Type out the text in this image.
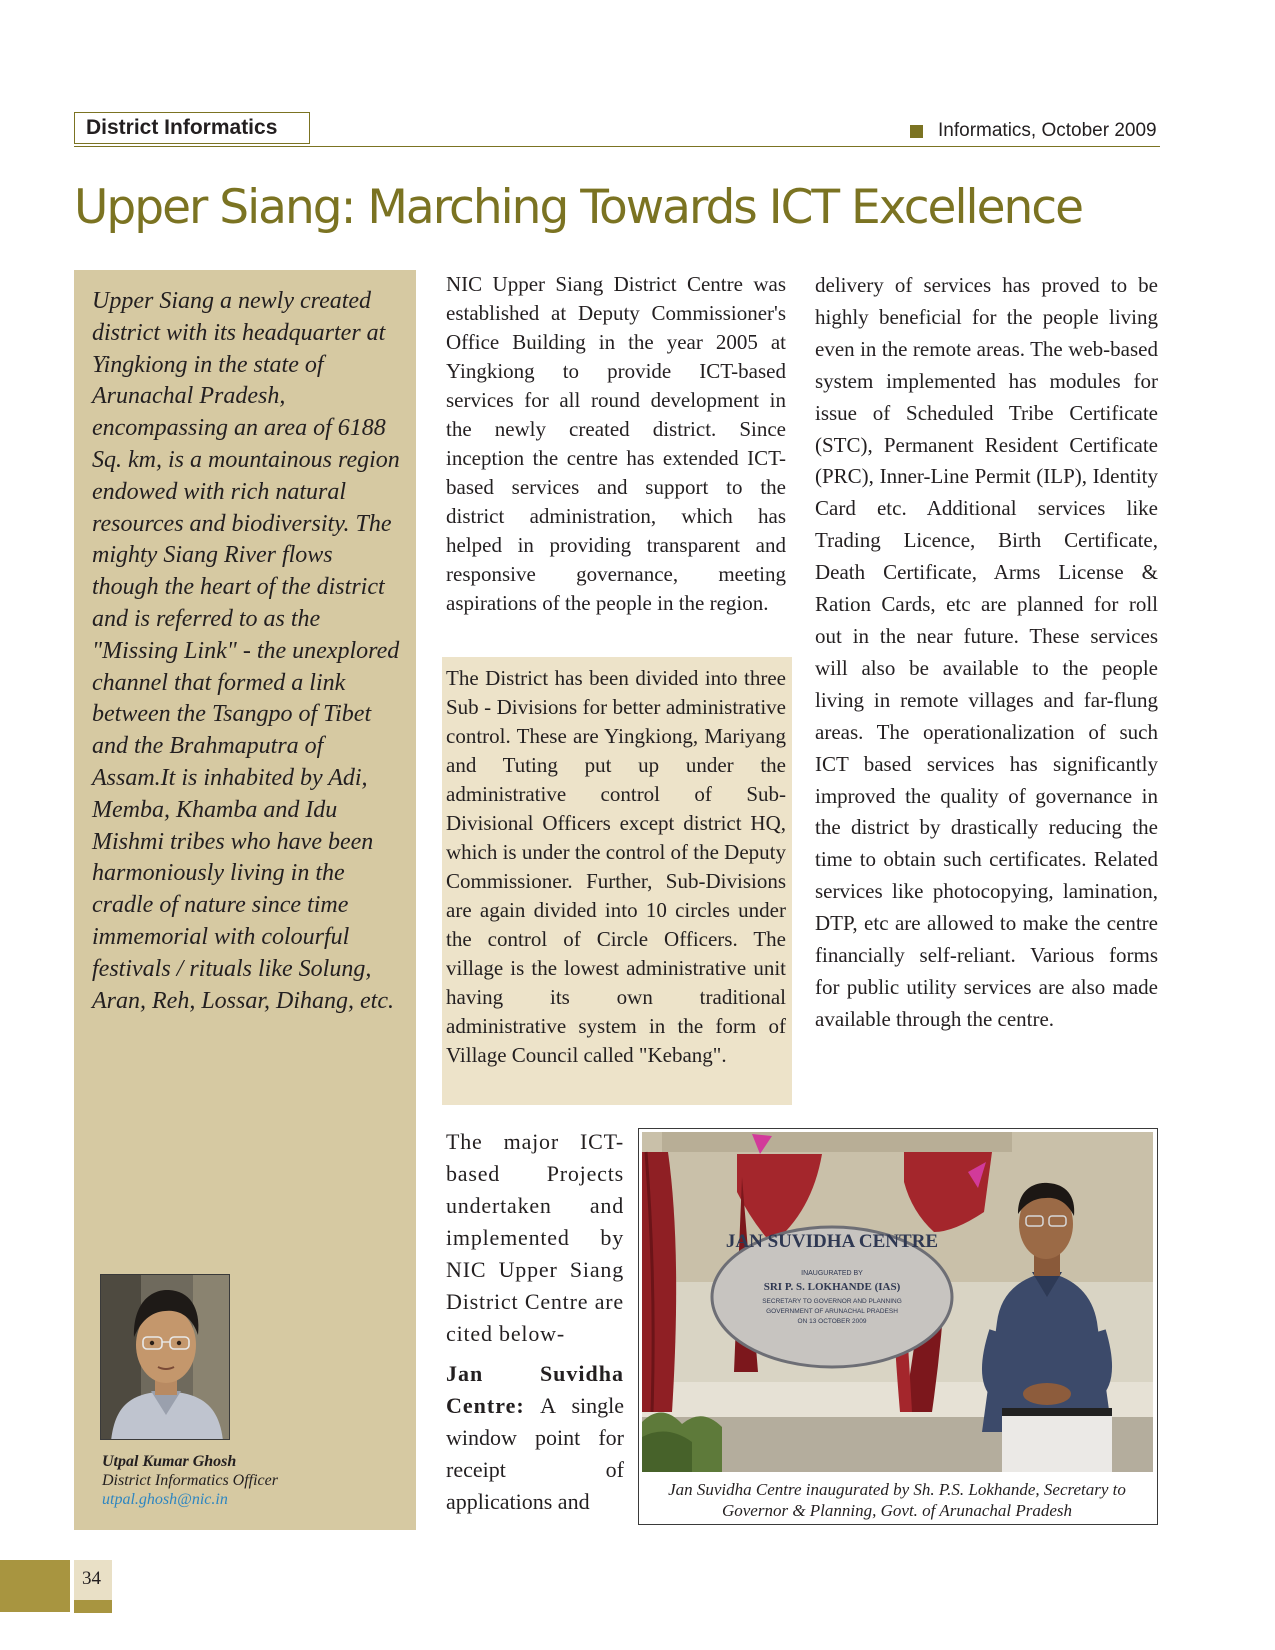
District Informatics	Informatics, October 2009
Upper Siang: Marching Towards ICT Excellence

Upper Siang a newly created district with its headquarter at Yingkiong in the state of Arunachal Pradesh, encompassing an area of 6188 Sq. km, is a mountainous region endowed with rich natural resources and biodiversity. The mighty Siang River flows though the heart of the district and is referred to as the "Missing Link" - the unexplored channel that formed a link between the Tsangpo of Tibet and the Brahmaputra of Assam.It is inhabited by Adi, Memba, Khamba and Idu Mishmi tribes who have been harmoniously living in the cradle of nature since time immemorial with colourful festivals / rituals like Solung, Aran, Reh, Lossar, Dihang, etc.

Utpal Kumar Ghosh
District Informatics Officer
utpal.ghosh@nic.in

NIC Upper Siang District Centre was established at Deputy Commissioner's Office Building in the year 2005 at Yingkiong to provide ICT-based services for all round development in the newly created district. Since inception the centre has extended ICT-based services and support to the district administration, which has helped in providing transparent and responsive governance, meeting aspirations of the people in the region.

The District has been divided into three Sub - Divisions for better administrative control. These are Yingkiong, Mariyang and Tuting put up under the administrative control of Sub-Divisional Officers except district HQ, which is under the control of the Deputy Commissioner. Further, Sub-Divisions are again divided into 10 circles under the control of Circle Officers. The village is the lowest administrative unit having its own traditional administrative system in the form of Village Council called "Kebang".

delivery of services has proved to be highly beneficial for the people living even in the remote areas. The web-based system implemented has modules for issue of Scheduled Tribe Certificate (STC), Permanent Resident Certificate (PRC), Inner-Line Permit (ILP), Identity Card etc. Additional services like Trading Licence, Birth Certificate, Death Certificate, Arms License & Ration Cards, etc are planned for roll out in the near future. These services will also be available to the people living in remote villages and far-flung areas. The operationalization of such ICT based services has significantly improved the quality of governance in the district by drastically reducing the time to obtain such certificates. Related services like photocopying, lamination, DTP, etc are allowed to make the centre financially self-reliant. Various forms for public utility services are also made available through the centre.

The major ICT-based Projects undertaken and implemented by NIC Upper Siang District Centre are cited below-

Jan Suvidha Centre: A single window point for receipt of applications and

JAN SUVIDHA CENTRE
INAUGURATED BY
SRI P. S. LOKHANDE (IAS)
SECRETARY TO GOVERNOR AND PLANNING
GOVERNMENT OF ARUNACHAL PRADESH
ON 13 OCTOBER 2009
Jan Suvidha Centre inaugurated by Sh. P.S. Lokhande, Secretary to Governor & Planning, Govt. of Arunachal Pradesh
34
